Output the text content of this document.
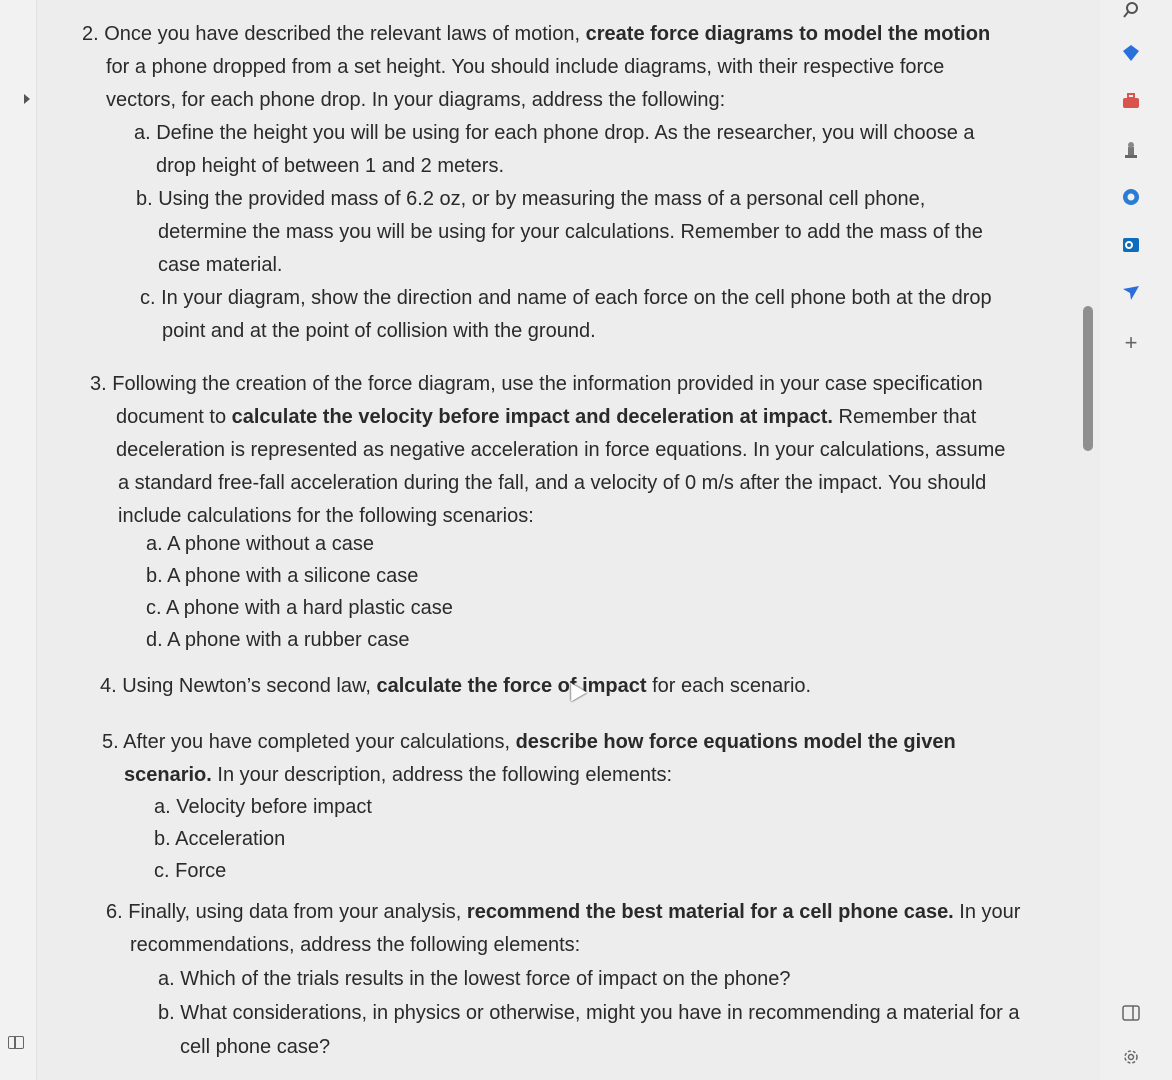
2. Once you have described the relevant laws of motion, create force diagrams to model the motion
for a phone dropped from a set height. You should include diagrams, with their respective force
vectors, for each phone drop. In your diagrams, address the following:
a. Define the height you will be using for each phone drop. As the researcher, you will choose a
drop height of between 1 and 2 meters.
b. Using the provided mass of 6.2 oz, or by measuring the mass of a personal cell phone,
determine the mass you will be using for your calculations. Remember to add the mass of the
case material.
c. In your diagram, show the direction and name of each force on the cell phone both at the drop
point and at the point of collision with the ground.
3. Following the creation of the force diagram, use the information provided in your case specification
document to calculate the velocity before impact and deceleration at impact. Remember that
deceleration is represented as negative acceleration in force equations. In your calculations, assume
a standard free-fall acceleration during the fall, and a velocity of 0 m/s after the impact. You should
include calculations for the following scenarios:
a. A phone without a case
b. A phone with a silicone case
c. A phone with a hard plastic case
d. A phone with a rubber case
4. Using Newton’s second law, calculate the force of impact for each scenario.
5. After you have completed your calculations, describe how force equations model the given
scenario. In your description, address the following elements:
a. Velocity before impact
b. Acceleration
c. Force
6. Finally, using data from your analysis, recommend the best material for a cell phone case. In your
recommendations, address the following elements:
a. Which of the trials results in the lowest force of impact on the phone?
b. What considerations, in physics or otherwise, might you have in recommending a material for a
cell phone case?
+
